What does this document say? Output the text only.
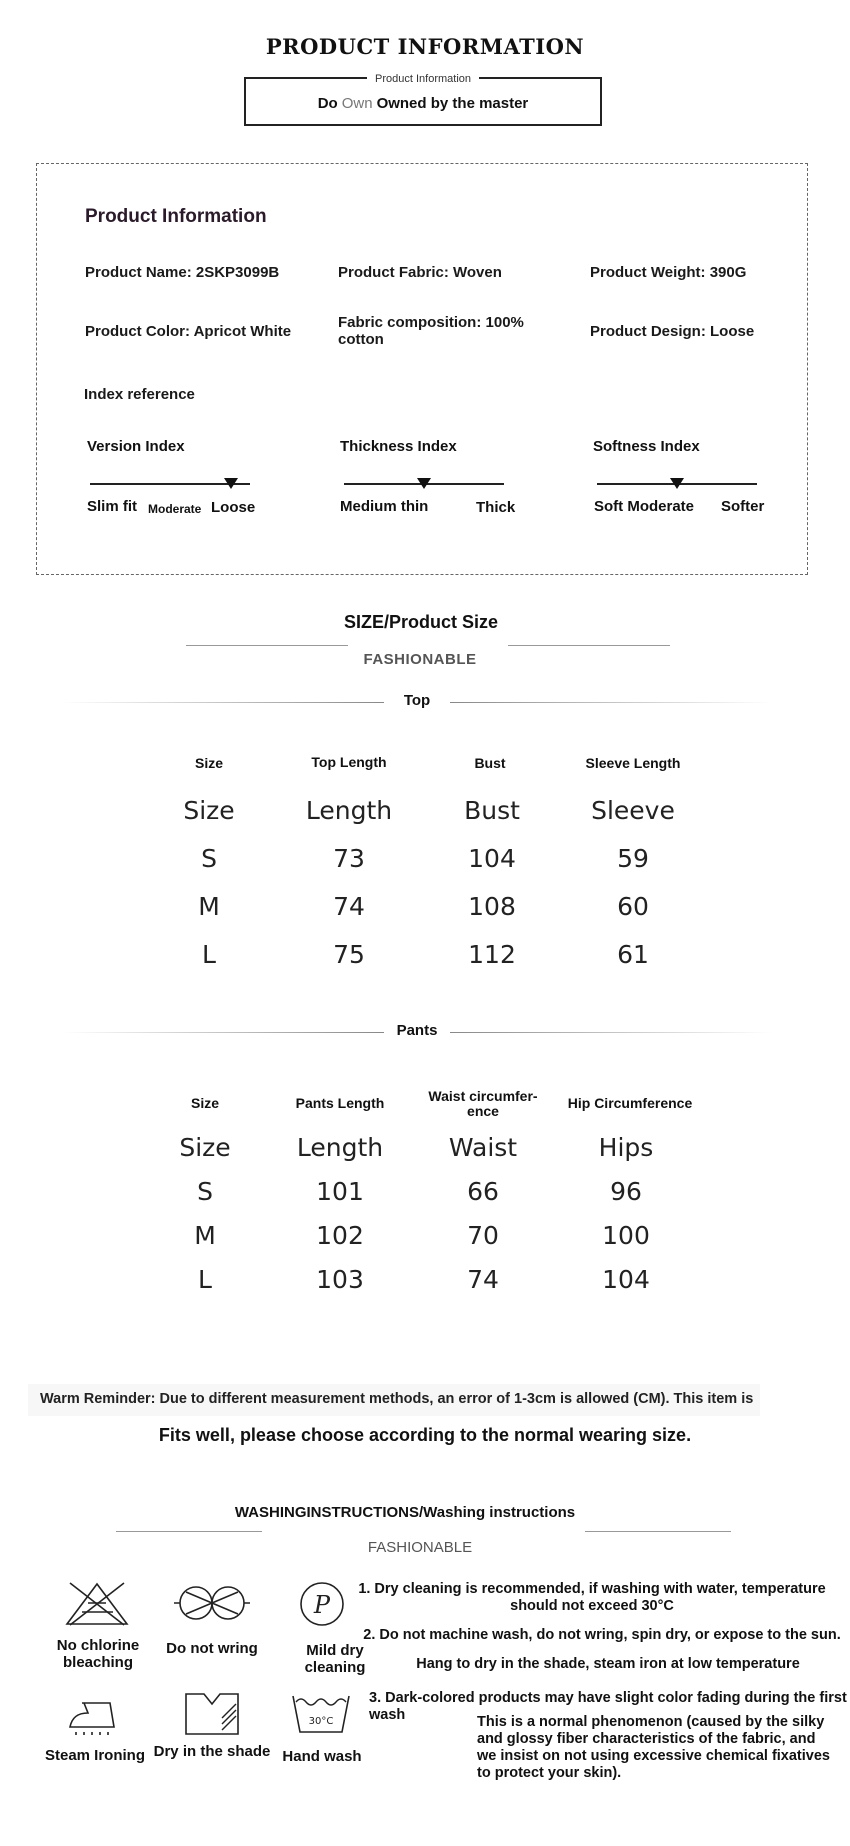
PRODUCT INFORMATION
Product Information
Do Own Owned by the master
Product Information
Product Name: 2SKP3099B	Product Fabric: Woven	Product Weight: 390G
Product Color: Apricot White
Fabric composition: 100% cotton	Product Design: Loose
Index reference
Version Index
Slim fit Moderate Loose
Thickness Index
Medium thin	Thick
Softness Index
Soft Moderate Softer
SIZE/Product Size
FASHIONABLE
Top
Size	Top Length	Bust	Sleeve Length
Size	Length	Bust	Sleeve
S	73	104	59
M	74	108	60
L	75	112	61
Pants
Size	Pants Length	Waist circumfer-ence	Hip Circumference
Size	Length	Waist	Hips
S	101	66	96
M	102	70	100
L	103	74	104
Warm Reminder: Due to different measurement methods, an error of 1-3cm is allowed (CM). This item is
Fits well, please choose according to the normal wearing size.
WASHINGINSTRUCTIONS/Washing instructions
FASHIONABLE
No chlorine bleaching
Do not wring
P
Mild dry cleaning
Steam Ironing Dry in the shade
30°C
Hand wash
1. Dry cleaning is recommended, if washing with water, temperature should not exceed 30°C
2. Do not machine wash, do not wring, spin dry, or expose to the sun.
Hang to dry in the shade, steam iron at low temperature
3. Dark-colored products may have slight color fading during the first wash	This is a normal phenomenon (caused by the silky and glossy fiber characteristics of the fabric, and we insist on not using excessive chemical fixatives to protect your skin).
